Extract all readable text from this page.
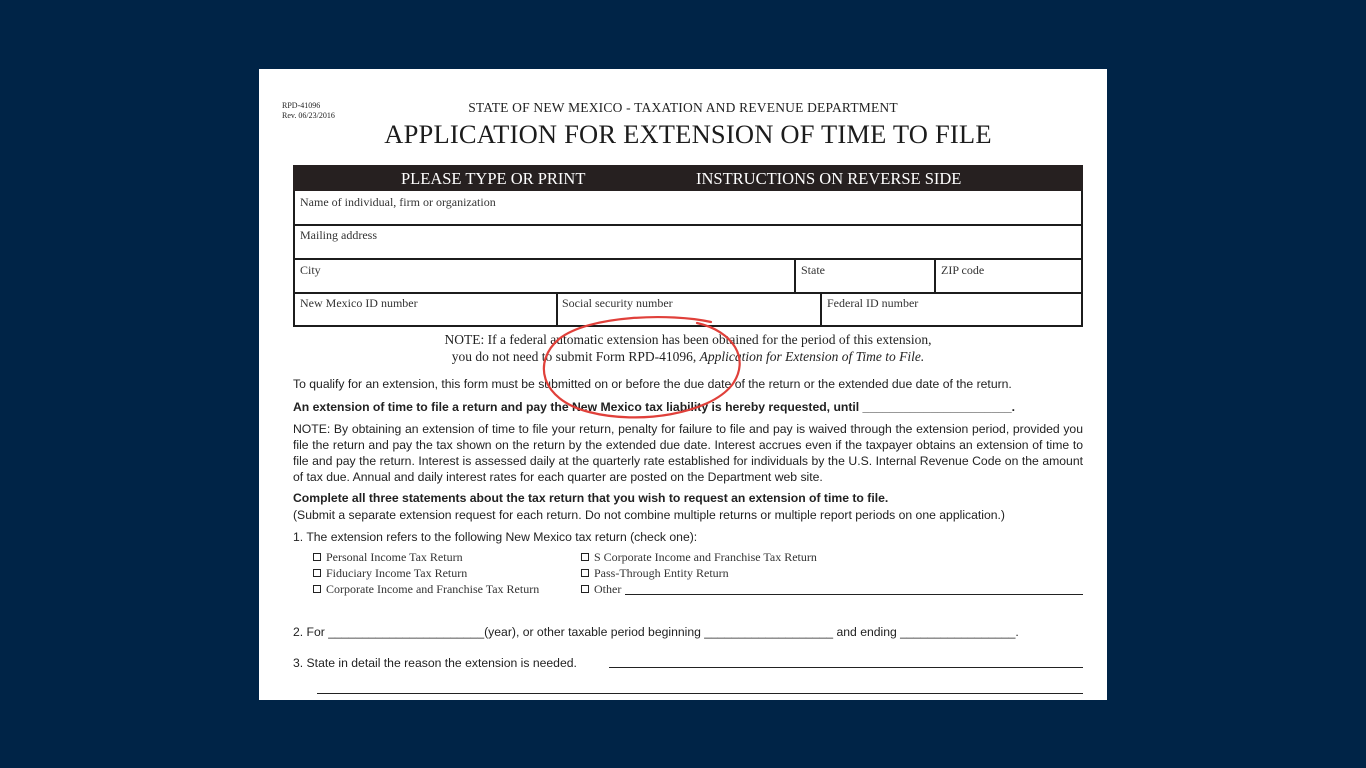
RPD-41096
Rev. 06/23/2016
STATE OF NEW MEXICO - TAXATION AND REVENUE DEPARTMENT
APPLICATION FOR EXTENSION OF TIME TO FILE
PLEASE TYPE OR PRINT	INSTRUCTIONS ON REVERSE SIDE
Name of individual, firm or organization
Mailing address
City	State	ZIP code
New Mexico ID number	Social security number	Federal ID number
NOTE: If a federal automatic extension has been obtained for the period of this extension,
you do not need to submit Form RPD-41096, Application for Extension of Time to File.
To qualify for an extension, this form must be submitted on or before the due date of the return or the extended due date of the return.
An extension of time to file a return and pay the New Mexico tax liability is hereby requested, until ______________________.
NOTE: By obtaining an extension of time to file your return, penalty for failure to file and pay is waived through the extension period, provided you file the return and pay the tax shown on the return by the extended due date. Interest accrues even if the taxpayer obtains an extension of time to file and pay the return. Interest is assessed daily at the quarterly rate established for individuals by the U.S. Internal Revenue Code on the amount of tax due. Annual and daily interest rates for each quarter are posted on the Department web site.
Complete all three statements about the tax return that you wish to request an extension of time to file.
(Submit a separate extension request for each return. Do not combine multiple returns or multiple report periods on one application.)
1. The extension refers to the following New Mexico tax return (check one):
Personal Income Tax Return
Fiduciary Income Tax Return
Corporate Income and Franchise Tax Return
S Corporate Income and Franchise Tax Return
Pass-Through Entity Return
Other
2. For _______________________(year), or other taxable period beginning ___________________ and ending _________________.
3. State in detail the reason the extension is needed.
